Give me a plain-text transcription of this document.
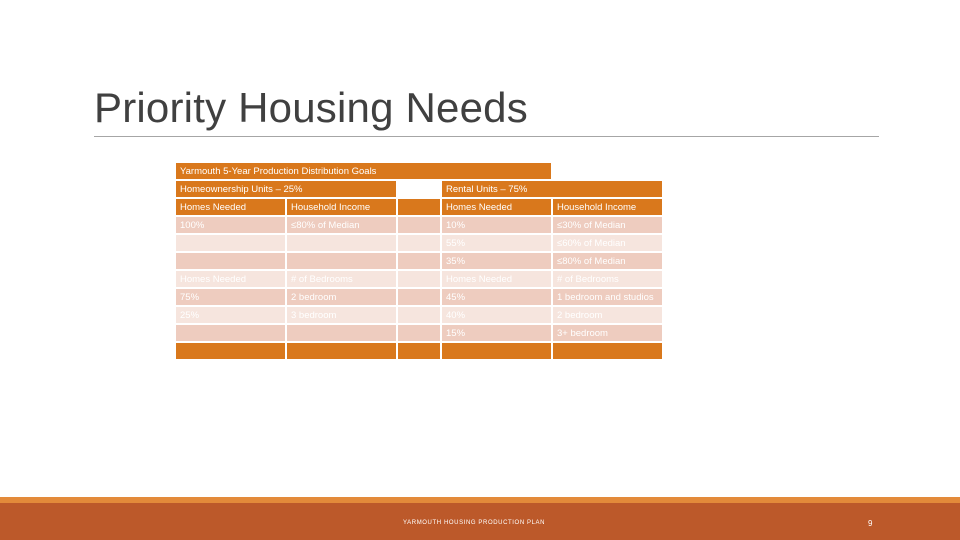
Priority Housing Needs
Yarmouth 5-Year Production Distribution Goals					
Homeownership Units – 25%			Rental Units – 75%		
Homes Needed	Household Income		Homes Needed	Household Income	
100%	≤80% of Median		10%	≤30% of Median	
			55%	≤60% of Median	
			35%	≤80% of Median	
Homes Needed	# of Bedrooms		Homes Needed	# of Bedrooms	
75%	2 bedroom		45%	1 bedroom and studios	
25%	3 bedroom		40%	2 bedroom	
			15%	3+ bedroom	

YARMOUTH HOUSING PRODUCTION PLAN	9
